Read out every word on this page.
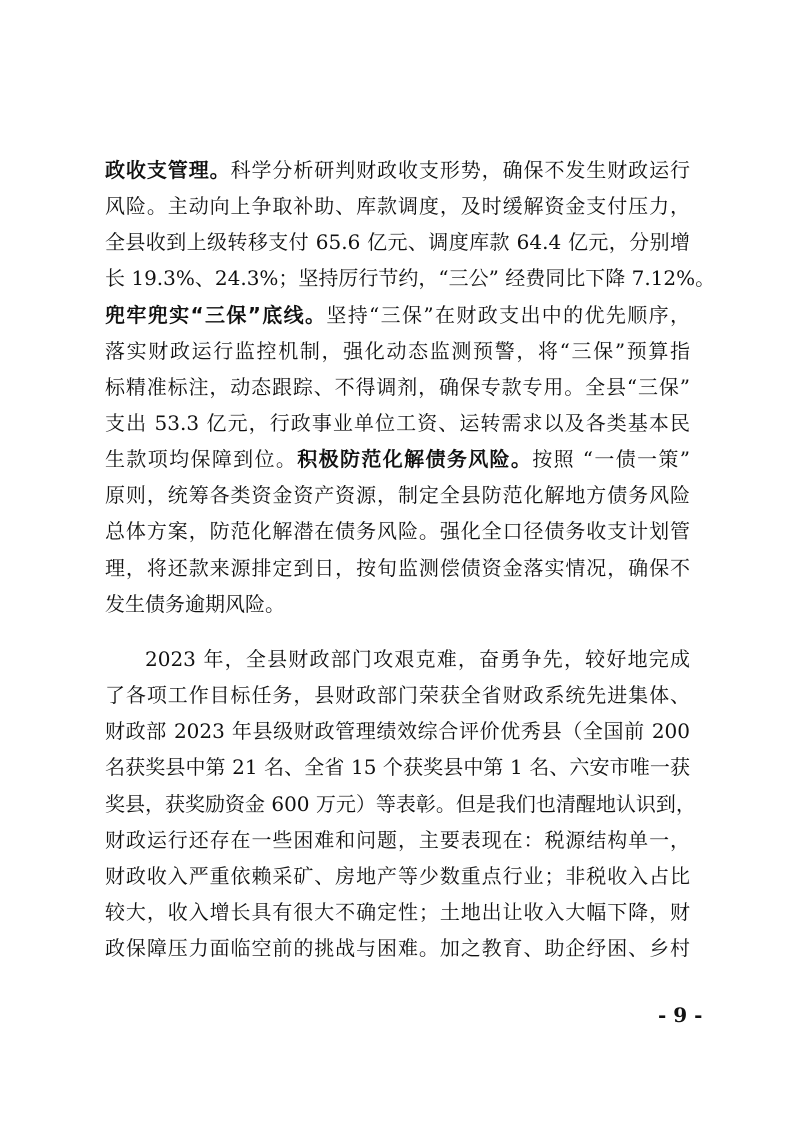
政收支管理。科学分析研判财政收支形势，确保不发生财政运行
风险。主动向上争取补助、库款调度，及时缓解资金支付压力，
全县收到上级转移支付 65.6 亿元、调度库款 64.4 亿元，分别增
长 19.3%、24.3%；坚持厉行节约，“三公” 经费同比下降 7.12%。
兜牢兜实“三保”底线。坚持“三保”在财政支出中的优先顺序，
落实财政运行监控机制，强化动态监测预警，将“三保”预算指
标精准标注，动态跟踪、不得调剂，确保专款专用。全县“三保”
支出 53.3 亿元，行政事业单位工资、运转需求以及各类基本民
生款项均保障到位。积极防范化解债务风险。按照 “一债一策”
原则，统筹各类资金资产资源，制定全县防范化解地方债务风险
总体方案，防范化解潜在债务风险。强化全口径债务收支计划管
理，将还款来源排定到日，按旬监测偿债资金落实情况，确保不
发生债务逾期风险。
2023 年，全县财政部门攻艰克难，奋勇争先，较好地完成
了各项工作目标任务，县财政部门荣获全省财政系统先进集体、
财政部 2023 年县级财政管理绩效综合评价优秀县（全国前 200
名获奖县中第 21 名、全省 15 个获奖县中第 1 名、六安市唯一获
奖县，获奖励资金 600 万元）等表彰。但是我们也清醒地认识到，
财政运行还存在一些困难和问题，主要表现在：税源结构单一，
财政收入严重依赖采矿、房地产等少数重点行业；非税收入占比
较大，收入增长具有很大不确定性；土地出让收入大幅下降，财
政保障压力面临空前的挑战与困难。加之教育、助企纾困、乡村
- 9 -
